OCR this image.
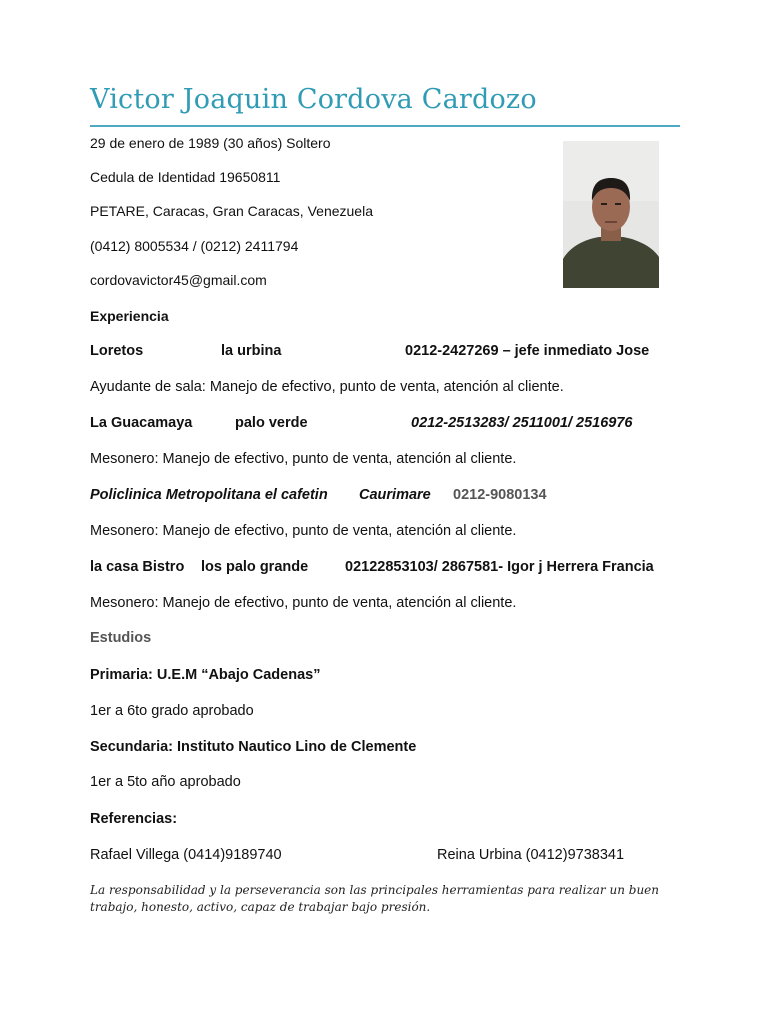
Victor Joaquin Cordova Cardozo
29 de enero de 1989 (30 años) Soltero
Cedula de Identidad 19650811
PETARE, Caracas, Gran Caracas, Venezuela
(0412) 8005534 / (0212) 2411794
cordovavictor45@gmail.com
Experiencia
Loretos	la urbina	0212-2427269 – jefe inmediato Jose
Ayudante de sala: Manejo de efectivo, punto de venta, atención al cliente.
La Guacamaya	palo verde	0212-2513283/ 2511001/ 2516976
Mesonero: Manejo de efectivo, punto de venta, atención al cliente.
Policlinica Metropolitana el cafetin Caurimare 0212-9080134
Mesonero: Manejo de efectivo, punto de venta, atención al cliente.
la casa Bistro los palo grande	02122853103/ 2867581- Igor j Herrera Francia
Mesonero: Manejo de efectivo, punto de venta, atención al cliente.
Estudios
Primaria: U.E.M “Abajo Cadenas”
1er a 6to grado aprobado
Secundaria: Instituto Nautico Lino de Clemente
1er a 5to año aprobado
Referencias:
Rafael Villega (0414)9189740	Reina Urbina (0412)9738341
La responsabilidad y la perseverancia son las principales herramientas para realizar un buen trabajo, honesto, activo, capaz de trabajar bajo presión.
